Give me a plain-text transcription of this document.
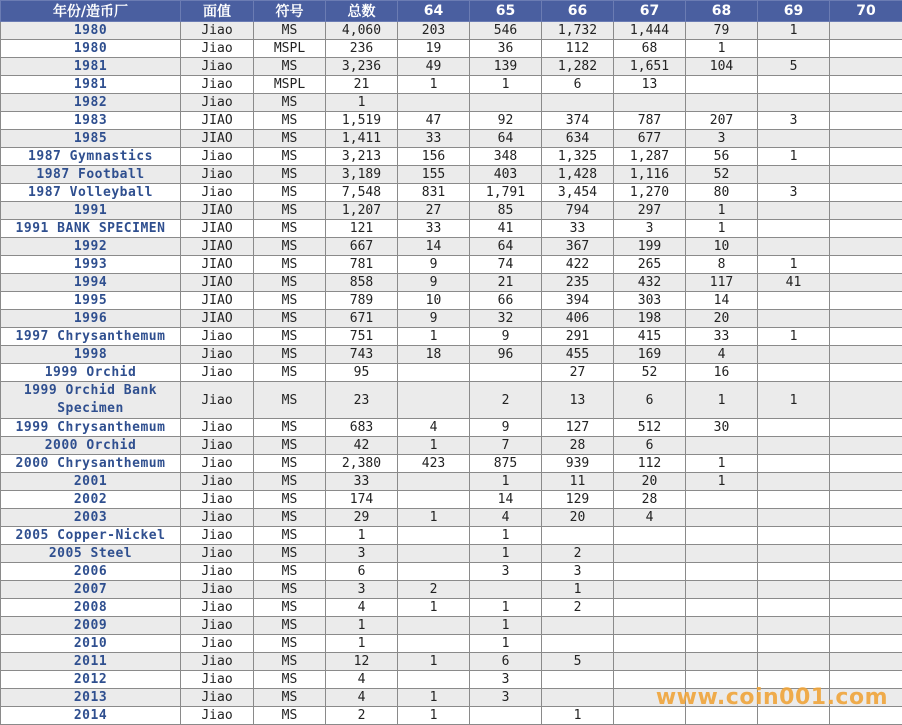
年份/造币厂	面值	符号	总数	64	65	66	67	68	69	70
1980	Jiao	MS	4,060	203	546	1,732	1,444	79	1	
1980	Jiao	MSPL	236	19	36	112	68	1		
1981	Jiao	MS	3,236	49	139	1,282	1,651	104	5	
1981	Jiao	MSPL	21	1	1	6	13			
1982	Jiao	MS	1							
1983	JIAO	MS	1,519	47	92	374	787	207	3	
1985	JIAO	MS	1,411	33	64	634	677	3		
1987 Gymnastics	Jiao	MS	3,213	156	348	1,325	1,287	56	1	
1987 Football	Jiao	MS	3,189	155	403	1,428	1,116	52		
1987 Volleyball	Jiao	MS	7,548	831	1,791	3,454	1,270	80	3	
1991	JIAO	MS	1,207	27	85	794	297	1		
1991 BANK SPECIMEN	JIAO	MS	121	33	41	33	3	1		
1992	JIAO	MS	667	14	64	367	199	10		
1993	JIAO	MS	781	9	74	422	265	8	1	
1994	JIAO	MS	858	9	21	235	432	117	41	
1995	JIAO	MS	789	10	66	394	303	14		
1996	JIAO	MS	671	9	32	406	198	20		
1997 Chrysanthemum	Jiao	MS	751	1	9	291	415	33	1	
1998	Jiao	MS	743	18	96	455	169	4		
1999 Orchid	Jiao	MS	95			27	52	16		
1999 Orchid Bank Specimen	Jiao	MS	23		2	13	6	1	1	
1999 Chrysanthemum	Jiao	MS	683	4	9	127	512	30		
2000 Orchid	Jiao	MS	42	1	7	28	6			
2000 Chrysanthemum	Jiao	MS	2,380	423	875	939	112	1		
2001	Jiao	MS	33		1	11	20	1		
2002	Jiao	MS	174		14	129	28			
2003	Jiao	MS	29	1	4	20	4			
2005 Copper-Nickel	Jiao	MS	1		1					
2005 Steel	Jiao	MS	3		1	2				
2006	Jiao	MS	6		3	3				
2007	Jiao	MS	3	2		1				
2008	Jiao	MS	4	1	1	2				
2009	Jiao	MS	1		1					
2010	Jiao	MS	1		1					
2011	Jiao	MS	12	1	6	5				
2012	Jiao	MS	4		3					
2013	Jiao	MS	4	1	3					
2014	Jiao	MS	2	1		1				
www.coin001.com
